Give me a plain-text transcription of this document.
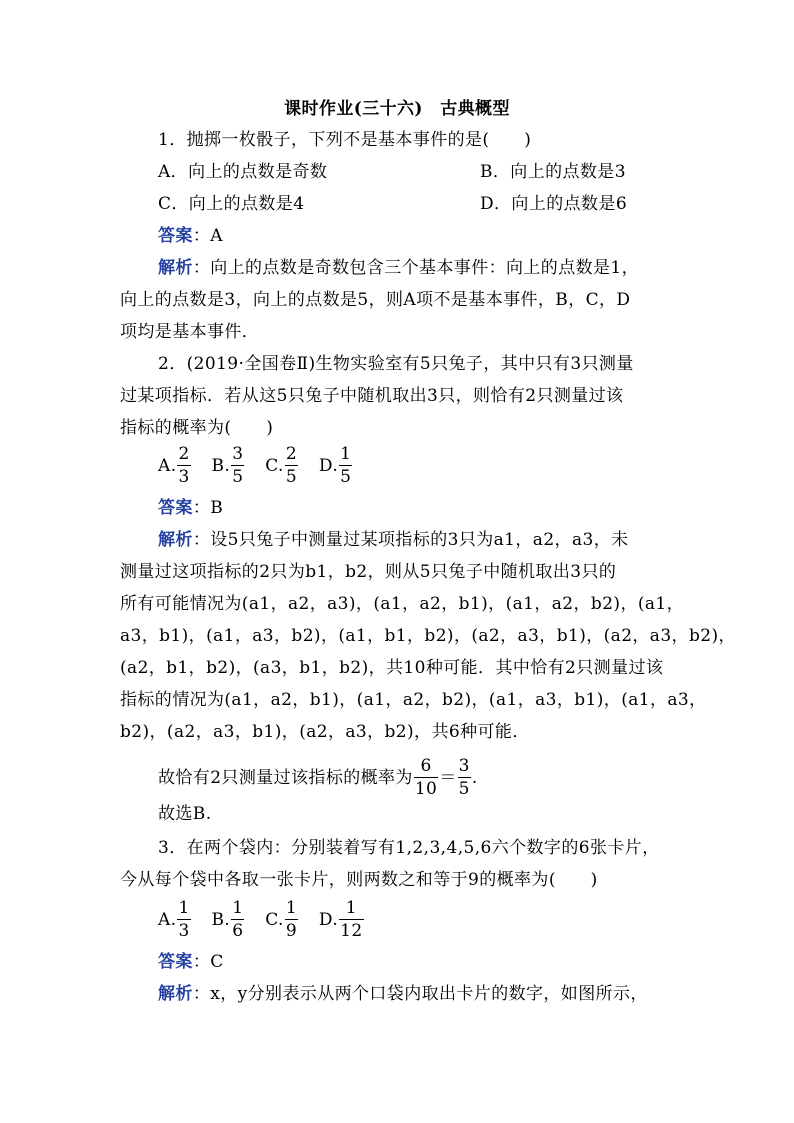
课时作业(三十六)　古典概型
1．抛掷一枚骰子，下列不是基本事件的是(　　)
A．向上的点数是奇数	B．向上的点数是3
C．向上的点数是4	D．向上的点数是6
答案：A
解析：向上的点数是奇数包含三个基本事件：向上的点数是1，
向上的点数是3，向上的点数是5，则A项不是基本事件，B，C，D
项均是基本事件．
2．(2019·全国卷Ⅱ)生物实验室有5只兔子，其中只有3只测量
过某项指标．若从这5只兔子中随机取出3只，则恰有2只测量过该
指标的概率为(　　)
A. $\frac{2}{3} B$. $\frac{3}{5} C$. $\frac{2}{5} D$. $\frac{1}{5}$
答案：B
解析：设5只兔子中测量过某项指标的3只为a1，a2，a3，未
测量过这项指标的2只为b1，b2，则从5只兔子中随机取出3只的
所有可能情况为(a1，a2，a3)，(a1，a2，b1)，(a1，a2，b2)，(a1，
a3，b1)，(a1，a3，b2)，(a1，b1，b2)，(a2，a3，b1)，(a2，a3，b2)，
(a2，b1，b2)，(a3，b1，b2)，共10种可能．其中恰有2只测量过该
指标的情况为(a1，a2，b1)，(a1，a2，b2)，(a1，a3，b1)，(a1，a3，
b2)，(a2，a3，b1)，(a2，a3，b2)，共6种可能．
故恰有2只测量过该指标的概率为 $\frac{6}{10} = \frac{3}{5}$ .
故选B.
3．在两个袋内：分别装着写有1,2,3,4,5,6六个数字的6张卡片，
今从每个袋中各取一张卡片，则两数之和等于9的概率为(　　)
A. $\frac{1}{3} B$. $\frac{1}{6} C$. $\frac{1}{9} D$. $\frac{1}{12}$
答案：C
解析：x，y分别表示从两个口袋内取出卡片的数字，如图所示，
